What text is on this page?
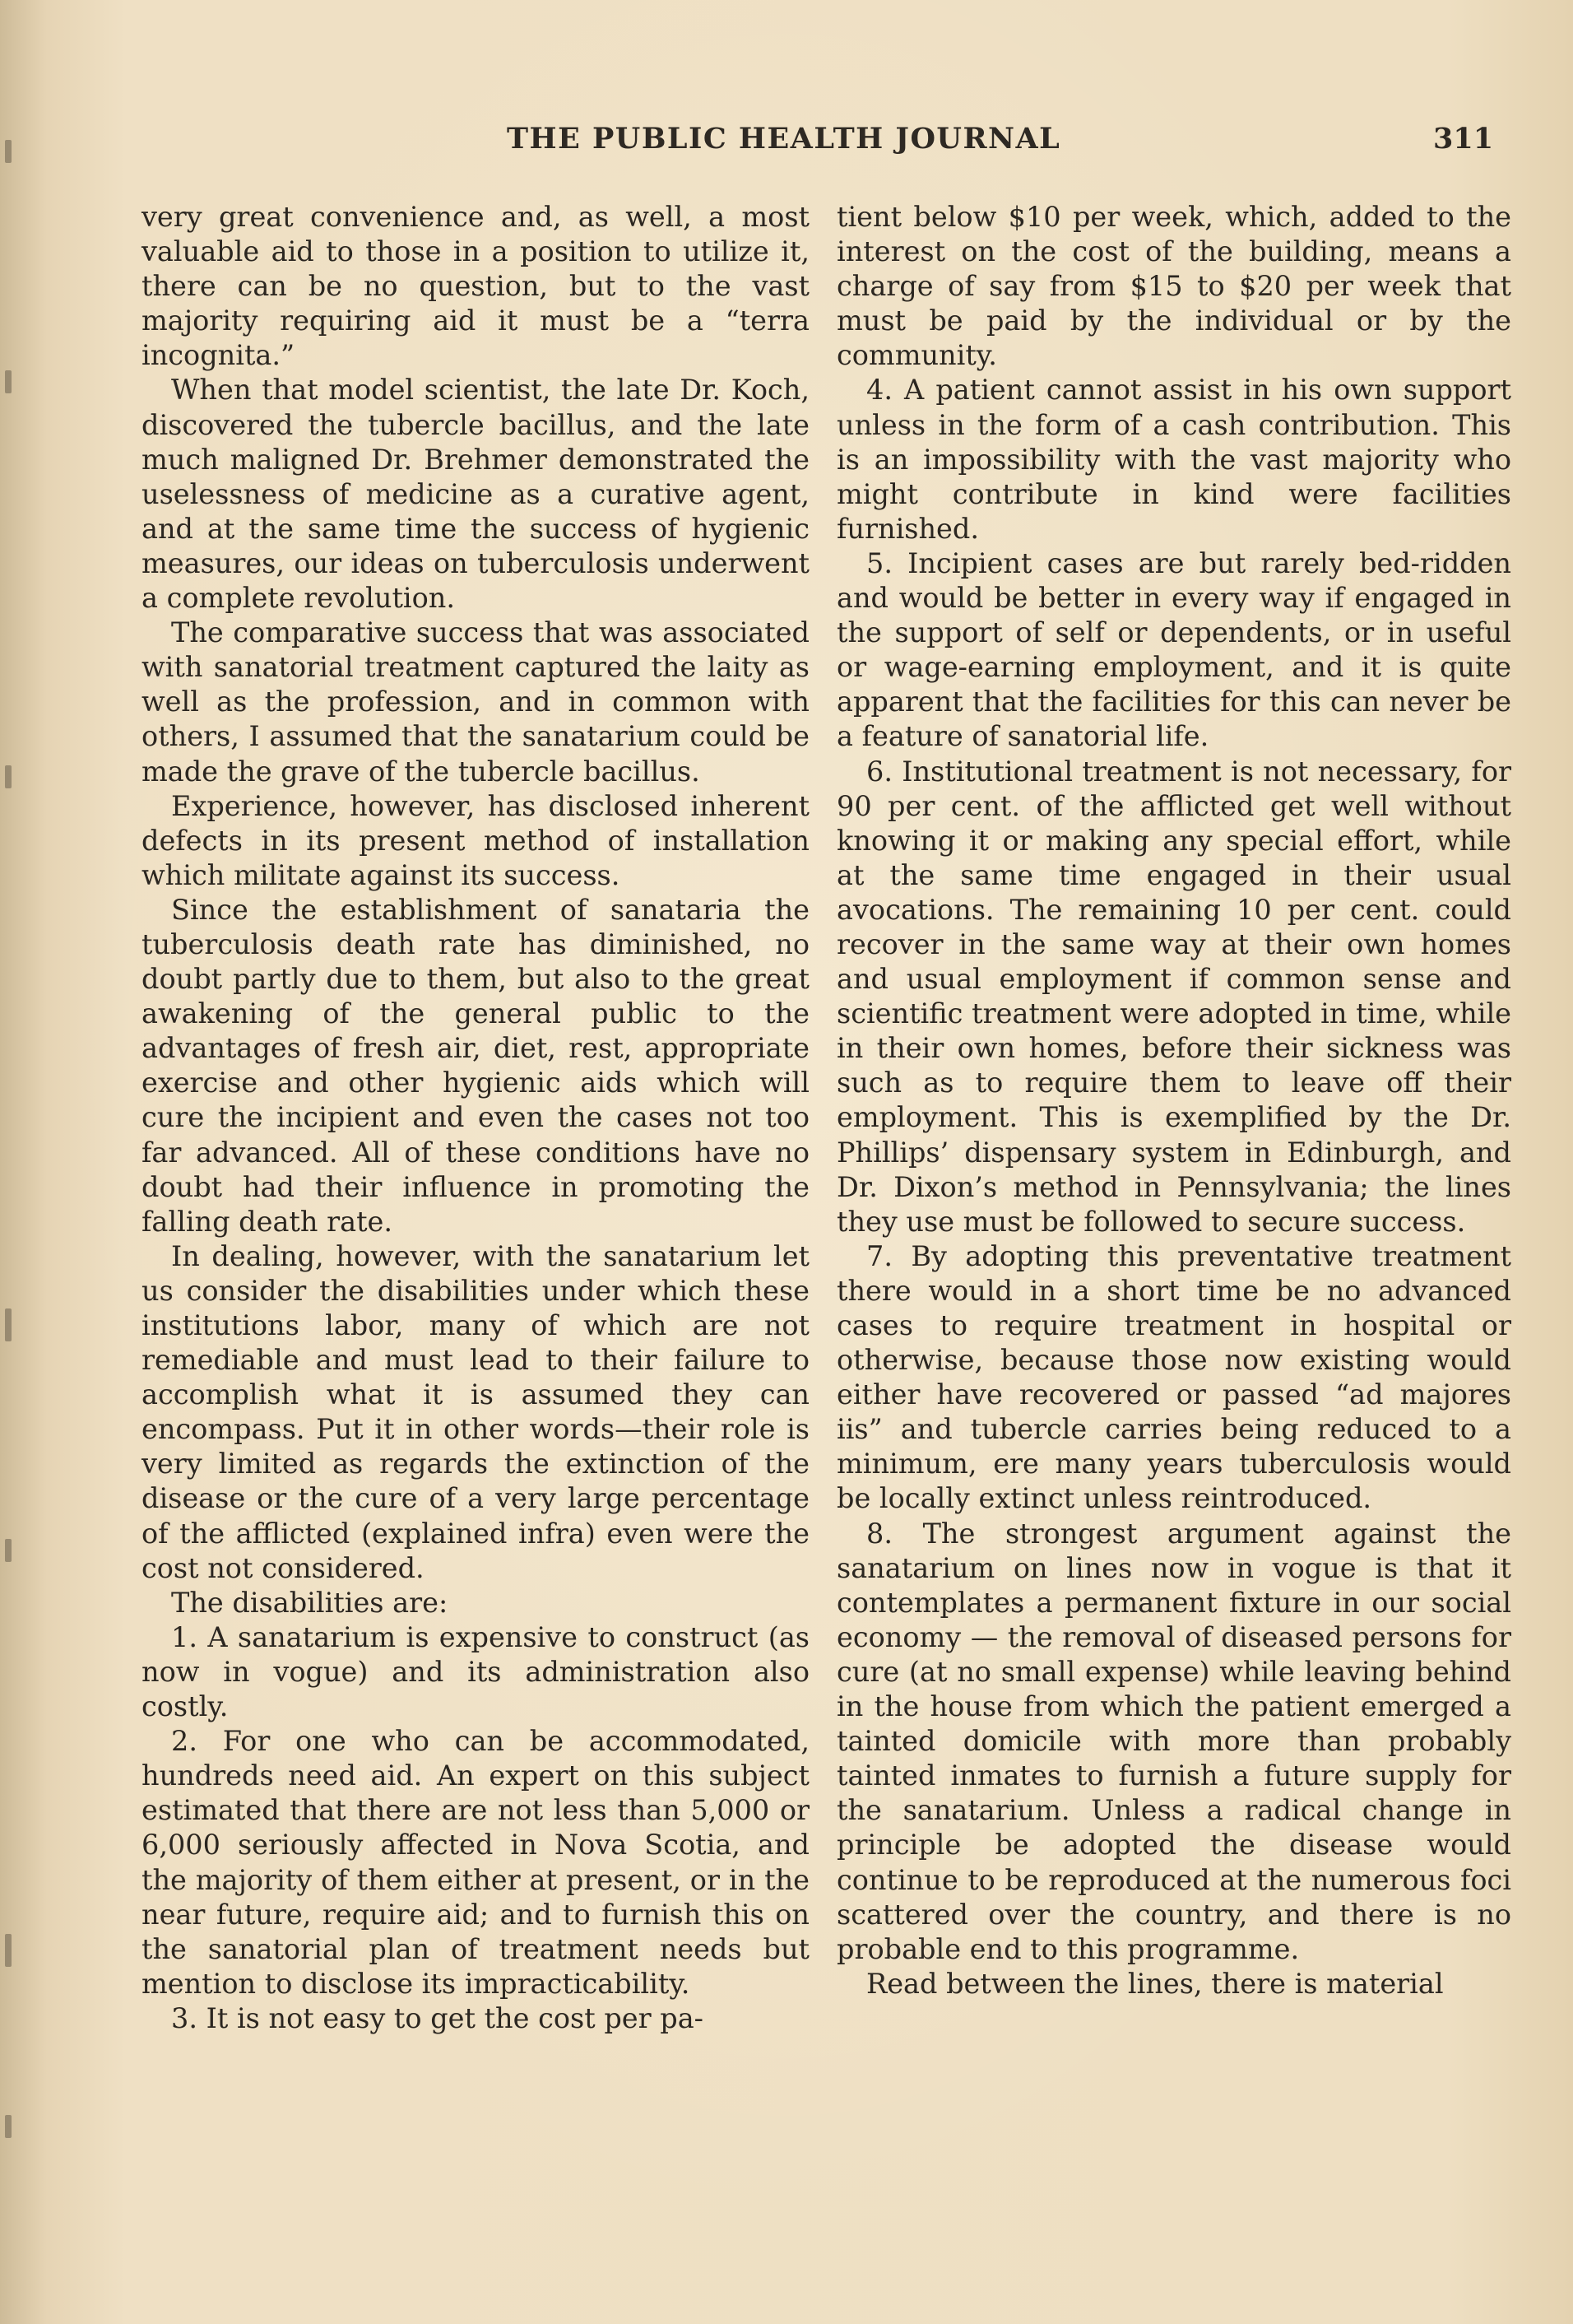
THE PUBLIC HEALTH JOURNAL	311

very great convenience and, as well, a most valuable aid to those in a position to utilize it, there can be no question, but to the vast majority requiring aid it must be a “terra incognita.”

When that model scientist, the late Dr. Koch, discovered the tubercle bacillus, and the late much maligned Dr. Brehmer demonstrated the uselessness of medicine as a curative agent, and at the same time the success of hygienic measures, our ideas on tuberculosis underwent a complete revolution.

The comparative success that was associated with sanatorial treatment captured the laity as well as the profession, and in common with others, I assumed that the sanatarium could be made the grave of the tubercle bacillus.

Experience, however, has disclosed inherent defects in its present method of installation which militate against its success.

Since the establishment of sanataria the tuberculosis death rate has diminished, no doubt partly due to them, but also to the great awakening of the general public to the advantages of fresh air, diet, rest, appropriate exercise and other hygienic aids which will cure the incipient and even the cases not too far advanced. All of these conditions have no doubt had their influence in promoting the falling death rate.

In dealing, however, with the sanatarium let us consider the disabilities under which these institutions labor, many of which are not remediable and must lead to their failure to accomplish what it is assumed they can encompass. Put it in other words—their role is very limited as regards the extinction of the disease or the cure of a very large percentage of the afflicted (explained infra) even were the cost not considered.

The disabilities are:

1. A sanatarium is expensive to construct (as now in vogue) and its administration also costly.

2. For one who can be accommodated, hundreds need aid. An expert on this subject estimated that there are not less than 5,000 or 6,000 seriously affected in Nova Scotia, and the majority of them either at present, or in the near future, require aid; and to furnish this on the sanatorial plan of treatment needs but mention to disclose its impracticability.

3. It is not easy to get the cost per pa-

tient below $10 per week, which, added to the interest on the cost of the building, means a charge of say from $15 to $20 per week that must be paid by the individual or by the community.

4. A patient cannot assist in his own support unless in the form of a cash contribution. This is an impossibility with the vast majority who might contribute in kind were facilities furnished.

5. Incipient cases are but rarely bed-ridden and would be better in every way if engaged in the support of self or dependents, or in useful or wage-earning employment, and it is quite apparent that the facilities for this can never be a feature of sanatorial life.

6. Institutional treatment is not necessary, for 90 per cent. of the afflicted get well without knowing it or making any special effort, while at the same time engaged in their usual avocations. The remaining 10 per cent. could recover in the same way at their own homes and usual employment if common sense and scientific treatment were adopted in time, while in their own homes, before their sickness was such as to require them to leave off their employment. This is exemplified by the Dr. Phillips’ dispensary system in Edinburgh, and Dr. Dixon’s method in Pennsylvania; the lines they use must be followed to secure success.

7. By adopting this preventative treatment there would in a short time be no advanced cases to require treatment in hospital or otherwise, because those now existing would either have recovered or passed “ad majores iis” and tubercle carries being reduced to a minimum, ere many years tuberculosis would be locally extinct unless reintroduced.

8. The strongest argument against the sanatarium on lines now in vogue is that it contemplates a permanent fixture in our social economy — the removal of diseased persons for cure (at no small expense) while leaving behind in the house from which the patient emerged a tainted domicile with more than probably tainted inmates to furnish a future supply for the sanatarium. Unless a radical change in principle be adopted the disease would continue to be reproduced at the numerous foci scattered over the country, and there is no probable end to this programme.

Read between the lines, there is material
